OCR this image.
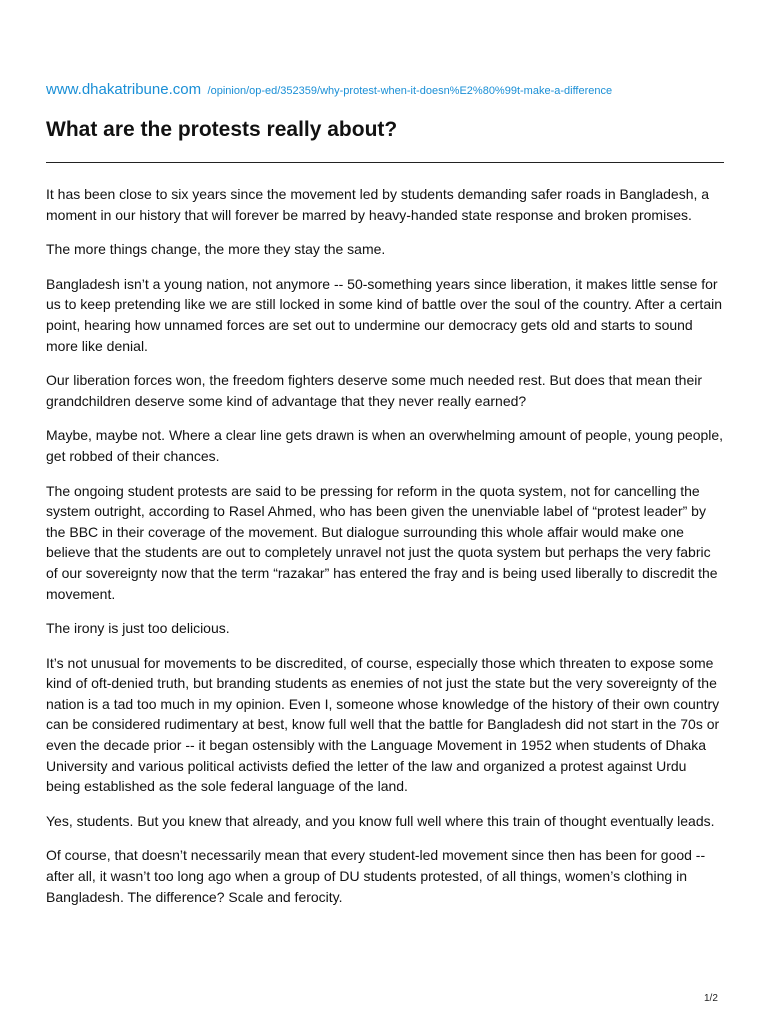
www.dhakatribune.com /opinion/op-ed/352359/why-protest-when-it-doesn%E2%80%99t-make-a-difference
What are the protests really about?

It has been close to six years since the movement led by students demanding safer roads in Bangladesh, a moment in our history that will forever be marred by heavy-handed state response and broken promises.

The more things change, the more they stay the same.

Bangladesh isn’t a young nation, not anymore -- 50-something years since liberation, it makes little sense for us to keep pretending like we are still locked in some kind of battle over the soul of the country. After a certain point, hearing how unnamed forces are set out to undermine our democracy gets old and starts to sound more like denial.

Our liberation forces won, the freedom fighters deserve some much needed rest. But does that mean their grandchildren deserve some kind of advantage that they never really earned?

Maybe, maybe not. Where a clear line gets drawn is when an overwhelming amount of people, young people, get robbed of their chances.

The ongoing student protests are said to be pressing for reform in the quota system, not for cancelling the system outright, according to Rasel Ahmed, who has been given the unenviable label of “protest leader” by the BBC in their coverage of the movement. But dialogue surrounding this whole affair would make one believe that the students are out to completely unravel not just the quota system but perhaps the very fabric of our sovereignty now that the term “razakar” has entered the fray and is being used liberally to discredit the movement.

The irony is just too delicious.

It’s not unusual for movements to be discredited, of course, especially those which threaten to expose some kind of oft-denied truth, but branding students as enemies of not just the state but the very sovereignty of the nation is a tad too much in my opinion. Even I, someone whose knowledge of the history of their own country can be considered rudimentary at best, know full well that the battle for Bangladesh did not start in the 70s or even the decade prior -- it began ostensibly with the Language Movement in 1952 when students of Dhaka University and various political activists defied the letter of the law and organized a protest against Urdu being established as the sole federal language of the land.

Yes, students. But you knew that already, and you know full well where this train of thought eventually leads.

Of course, that doesn’t necessarily mean that every student-led movement since then has been for good -- after all, it wasn’t too long ago when a group of DU students protested, of all things, women’s clothing in Bangladesh. The difference? Scale and ferocity.

1/2
